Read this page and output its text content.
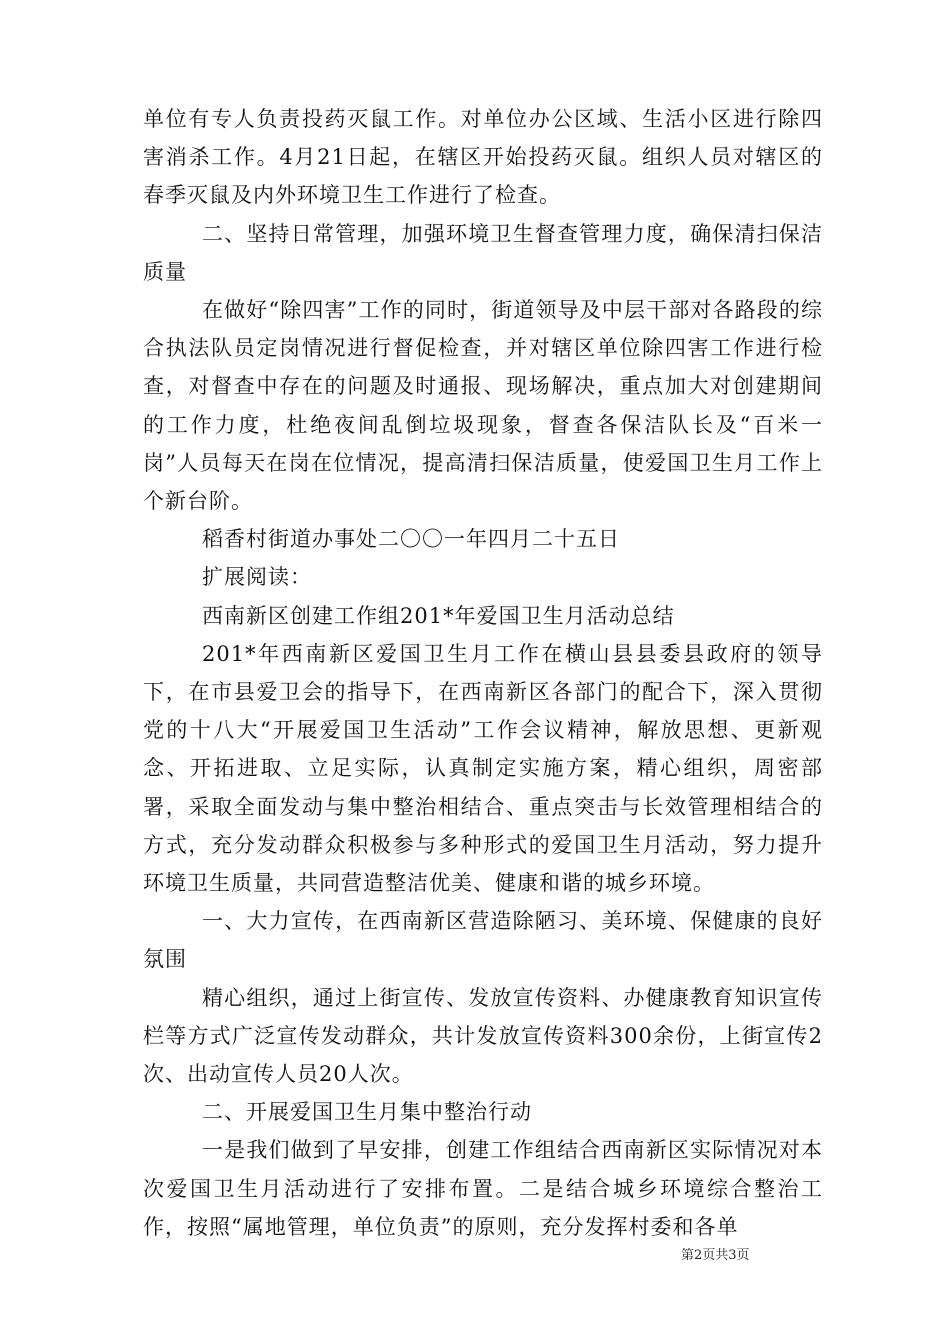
单位有专人负责投药灭鼠工作。对单位办公区域、生活小区进行除四害消杀工作。4月21日起，在辖区开始投药灭鼠。组织人员对辖区的春季灭鼠及内外环境卫生工作进行了检查。

二、坚持日常管理，加强环境卫生督查管理力度，确保清扫保洁质量

在做好“除四害”工作的同时，街道领导及中层干部对各路段的综合执法队员定岗情况进行督促检查，并对辖区单位除四害工作进行检查，对督查中存在的问题及时通报、现场解决，重点加大对创建期间的工作力度，杜绝夜间乱倒垃圾现象，督查各保洁队长及“百米一岗”人员每天在岗在位情况，提高清扫保洁质量，使爱国卫生月工作上个新台阶。

稻香村街道办事处二〇〇一年四月二十五日

扩展阅读：

西南新区创建工作组201*年爱国卫生月活动总结

201*年西南新区爱国卫生月工作在横山县县委县政府的领导下，在市县爱卫会的指导下，在西南新区各部门的配合下，深入贯彻党的十八大“开展爱国卫生活动”工作会议精神，解放思想、更新观念、开拓进取、立足实际，认真制定实施方案，精心组织，周密部署，采取全面发动与集中整治相结合、重点突击与长效管理相结合的方式，充分发动群众积极参与多种形式的爱国卫生月活动，努力提升环境卫生质量，共同营造整洁优美、健康和谐的城乡环境。

一、大力宣传，在西南新区营造除陋习、美环境、保健康的良好氛围

精心组织，通过上街宣传、发放宣传资料、办健康教育知识宣传栏等方式广泛宣传发动群众，共计发放宣传资料300余份，上街宣传2次、出动宣传人员20人次。

二、开展爱国卫生月集中整治行动

一是我们做到了早安排，创建工作组结合西南新区实际情况对本次爱国卫生月活动进行了安排布置。二是结合城乡环境综合整治工作，按照“属地管理，单位负责”的原则，充分发挥村委和各单

第2页共3页
